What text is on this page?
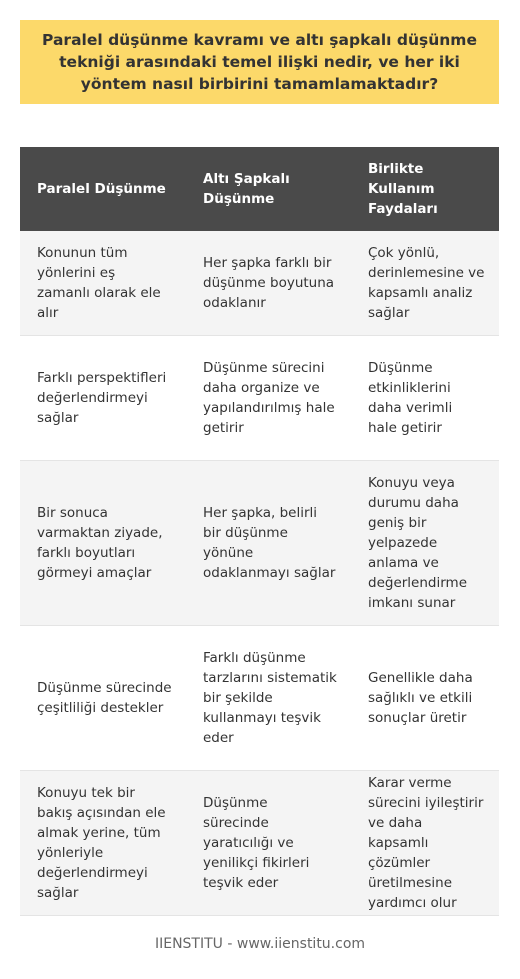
Paralel düşünme kavramı ve altı şapkalı düşünme tekniği arasındaki temel ilişki nedir, ve her iki yöntem nasıl birbirini tamamlamaktadır?
Paralel Düşünme	Altı Şapkalı Düşünme	Birlikte Kullanım Faydaları
Konunun tüm yönlerini eş zamanlı olarak ele alır	Her şapka farklı bir düşünme boyutuna odaklanır	Çok yönlü, derinlemesine ve kapsamlı analiz sağlar
Farklı perspektifleri değerlendirmeyi sağlar	Düşünme sürecini daha organize ve yapılandırılmış hale getirir	Düşünme etkinliklerini daha verimli hale getirir
Bir sonuca varmaktan ziyade, farklı boyutları görmeyi amaçlar	Her şapka, belirli bir düşünme yönüne odaklanmayı sağlar	Konuyu veya durumu daha geniş bir yelpazede anlama ve değerlendirme imkanı sunar
Düşünme sürecinde çeşitliliği destekler	Farklı düşünme tarzlarını sistematik bir şekilde kullanmayı teşvik eder	Genellikle daha sağlıklı ve etkili sonuçlar üretir
Konuyu tek bir bakış açısından ele almak yerine, tüm yönleriyle değerlendirmeyi sağlar	Düşünme sürecinde yaratıcılığı ve yenilikçi fikirleri teşvik eder	Karar verme sürecini iyileştirir ve daha kapsamlı çözümler üretilmesine yardımcı olur
IIENSTITU - www.iienstitu.com
